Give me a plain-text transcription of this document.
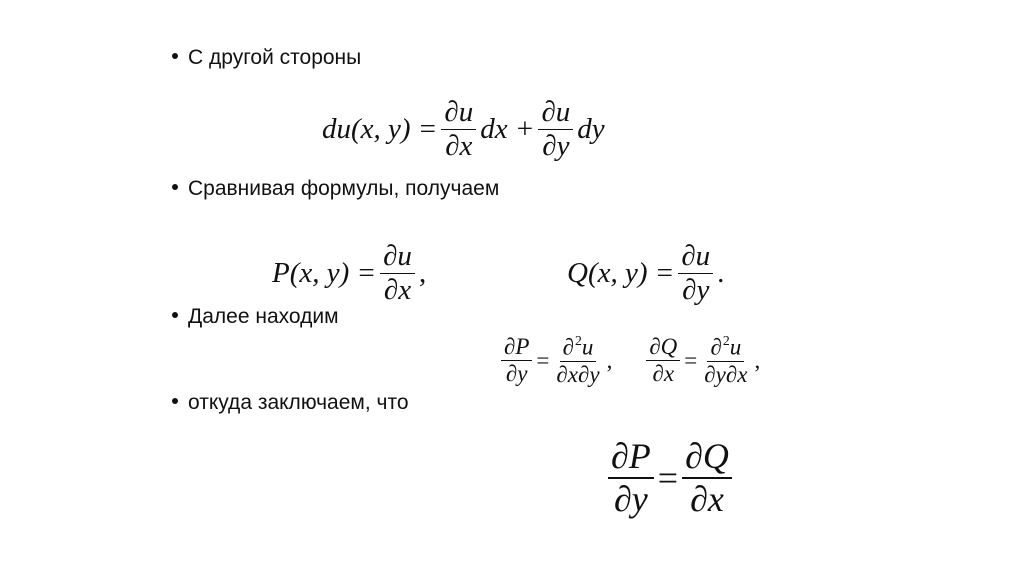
С другой стороны
Сравнивая формулы, получаем
Далее находим
откуда заключаем, что
du(x, $y) = \frac{\partial u}{\partial x}$ dx + $\frac{\partial u}{\partial y}$ dy
P(x, $y) = \frac{\partial u}{\partial x}$ ,	Q(x, $y) = \frac{\partial u}{\partial y}$ .
$\frac{\partial P}{\partial y} = \frac{\partial^2u}{\partial x\partial y}$ , $\frac{\partial Q}{\partial x} = \frac{\partial^2u}{\partial y\partial x}$ ,
$\frac{\partial P}{\partial y} = \frac{\partial Q}{\partial x}$
